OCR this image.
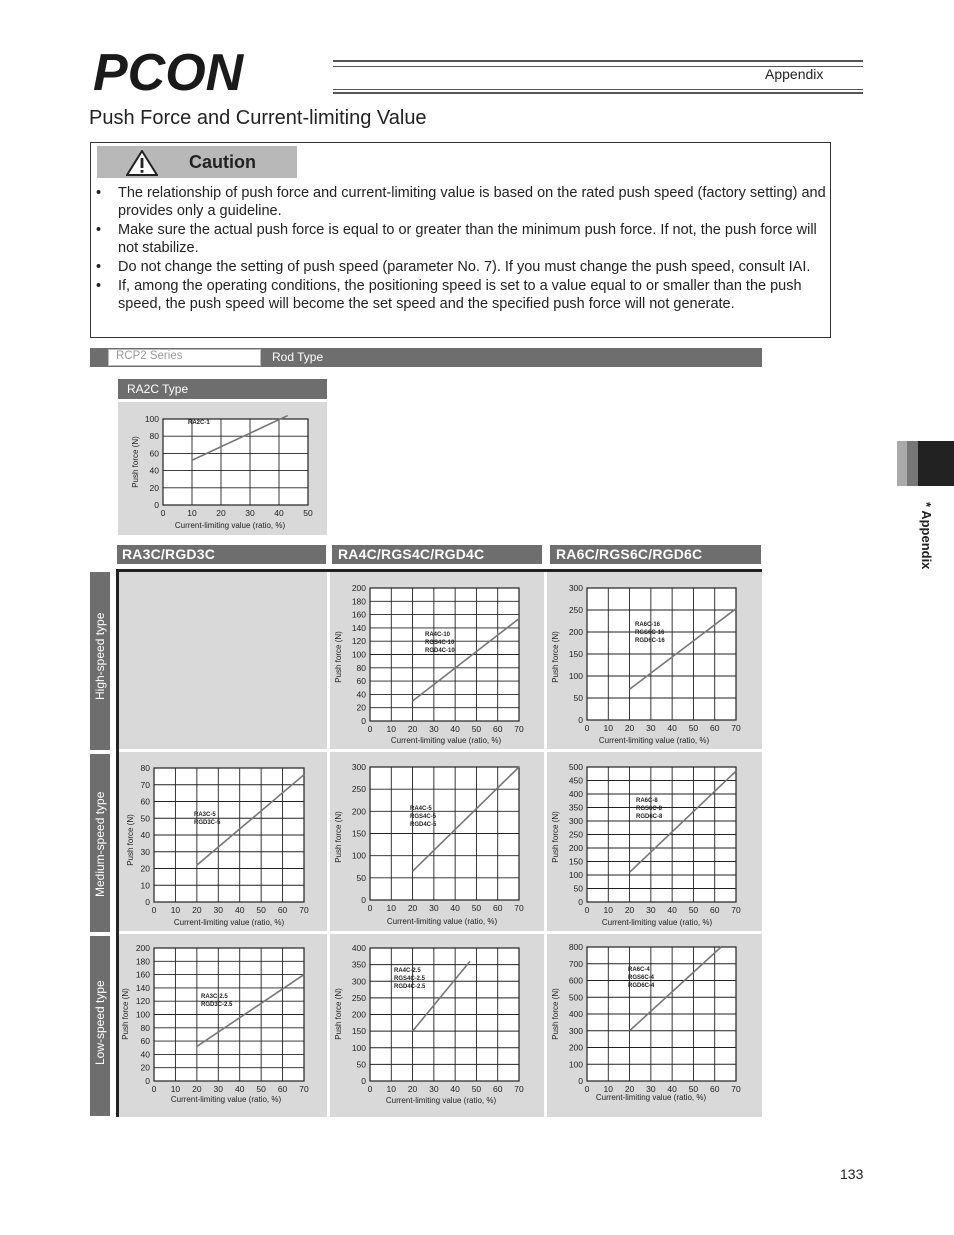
PCON	Appendix
Push Force and Current-limiting Value
Caution
• The relationship of push force and current-limiting value is based on the rated push speed (factory setting) and provides only a guideline.
• Make sure the actual push force is equal to or greater than the minimum push force. If not, the push force will not stabilize.
• Do not change the setting of push speed (parameter No. 7). If you must change the push speed, consult IAI.
• If, among the operating conditions, the positioning speed is set to a value equal to or smaller than the push speed, the push speed will become the set speed and the specified push force will not generate.
RCP2 Series	Rod Type
RA2C Type
0	10 20 30 40 50
0
20
40
60
80
100	RA2C-1
Current-limiting value (ratio, %)
Push force (N)
RA3C/RGD3C	RA4C/RGS4C/RGD4C	RA6C/RGS6C/RGD6C
High-speed type
Medium-speed type
Low-speed type
0 10 20 30 40 50 60 70
0
20
40
60
80
100
120
140
160
180
200
RA4C-10
RGS4C-10
RGD4C-10
Current-limiting value (ratio, %)
Push force (N)
0 10 20 30 40 50 60 70
0
50
100
150
200
250
300
RA6C-16
RGS6C-16
RGD6C-16
Current-limiting value (ratio, %)
Push force (N)
0 10 20 30 40 50 60 70
0
10
20
30
40
50
60
70
80
RA3C-5
RGD3C-5
Current-limiting value (ratio, %)
Push force (N)
0 10 20 30 40 50 60 70
0
50
100
150
200
250
300
RA4C-5
RGS4C-5
RGD4C-5
Current-limiting value (ratio, %)
Push force (N)
0 10 20 30 40 50 60 70
0
50
100
150
200
250
300
350
400
450
500
RA6C-8
RGS6C-8
RGD6C-8
Current-limiting value (ratio, %)
Push force (N)
0 10 20 30 40 50 60 70
0
20
40
60
80
100
120
140
160
180
200
RA3C-2.5
RGD3C-2.5
Current-limiting value (ratio, %)
Push force (N)
0 10 20 30 40 50 60 70
0
50
100
150
200
250
300
350
400
RA4C-2.5
RGS4C-2.5
RGD4C-2.5
Current-limiting value (ratio, %)
Push force (N)
0 10 20 30 40 50 60 70
0
100
200
300
400
500
600
700
800
RA6C-4
RGS6C-4
RGD6C-4
Current-limiting value (ratio, %)
Push force (N)
* Appendix
133
